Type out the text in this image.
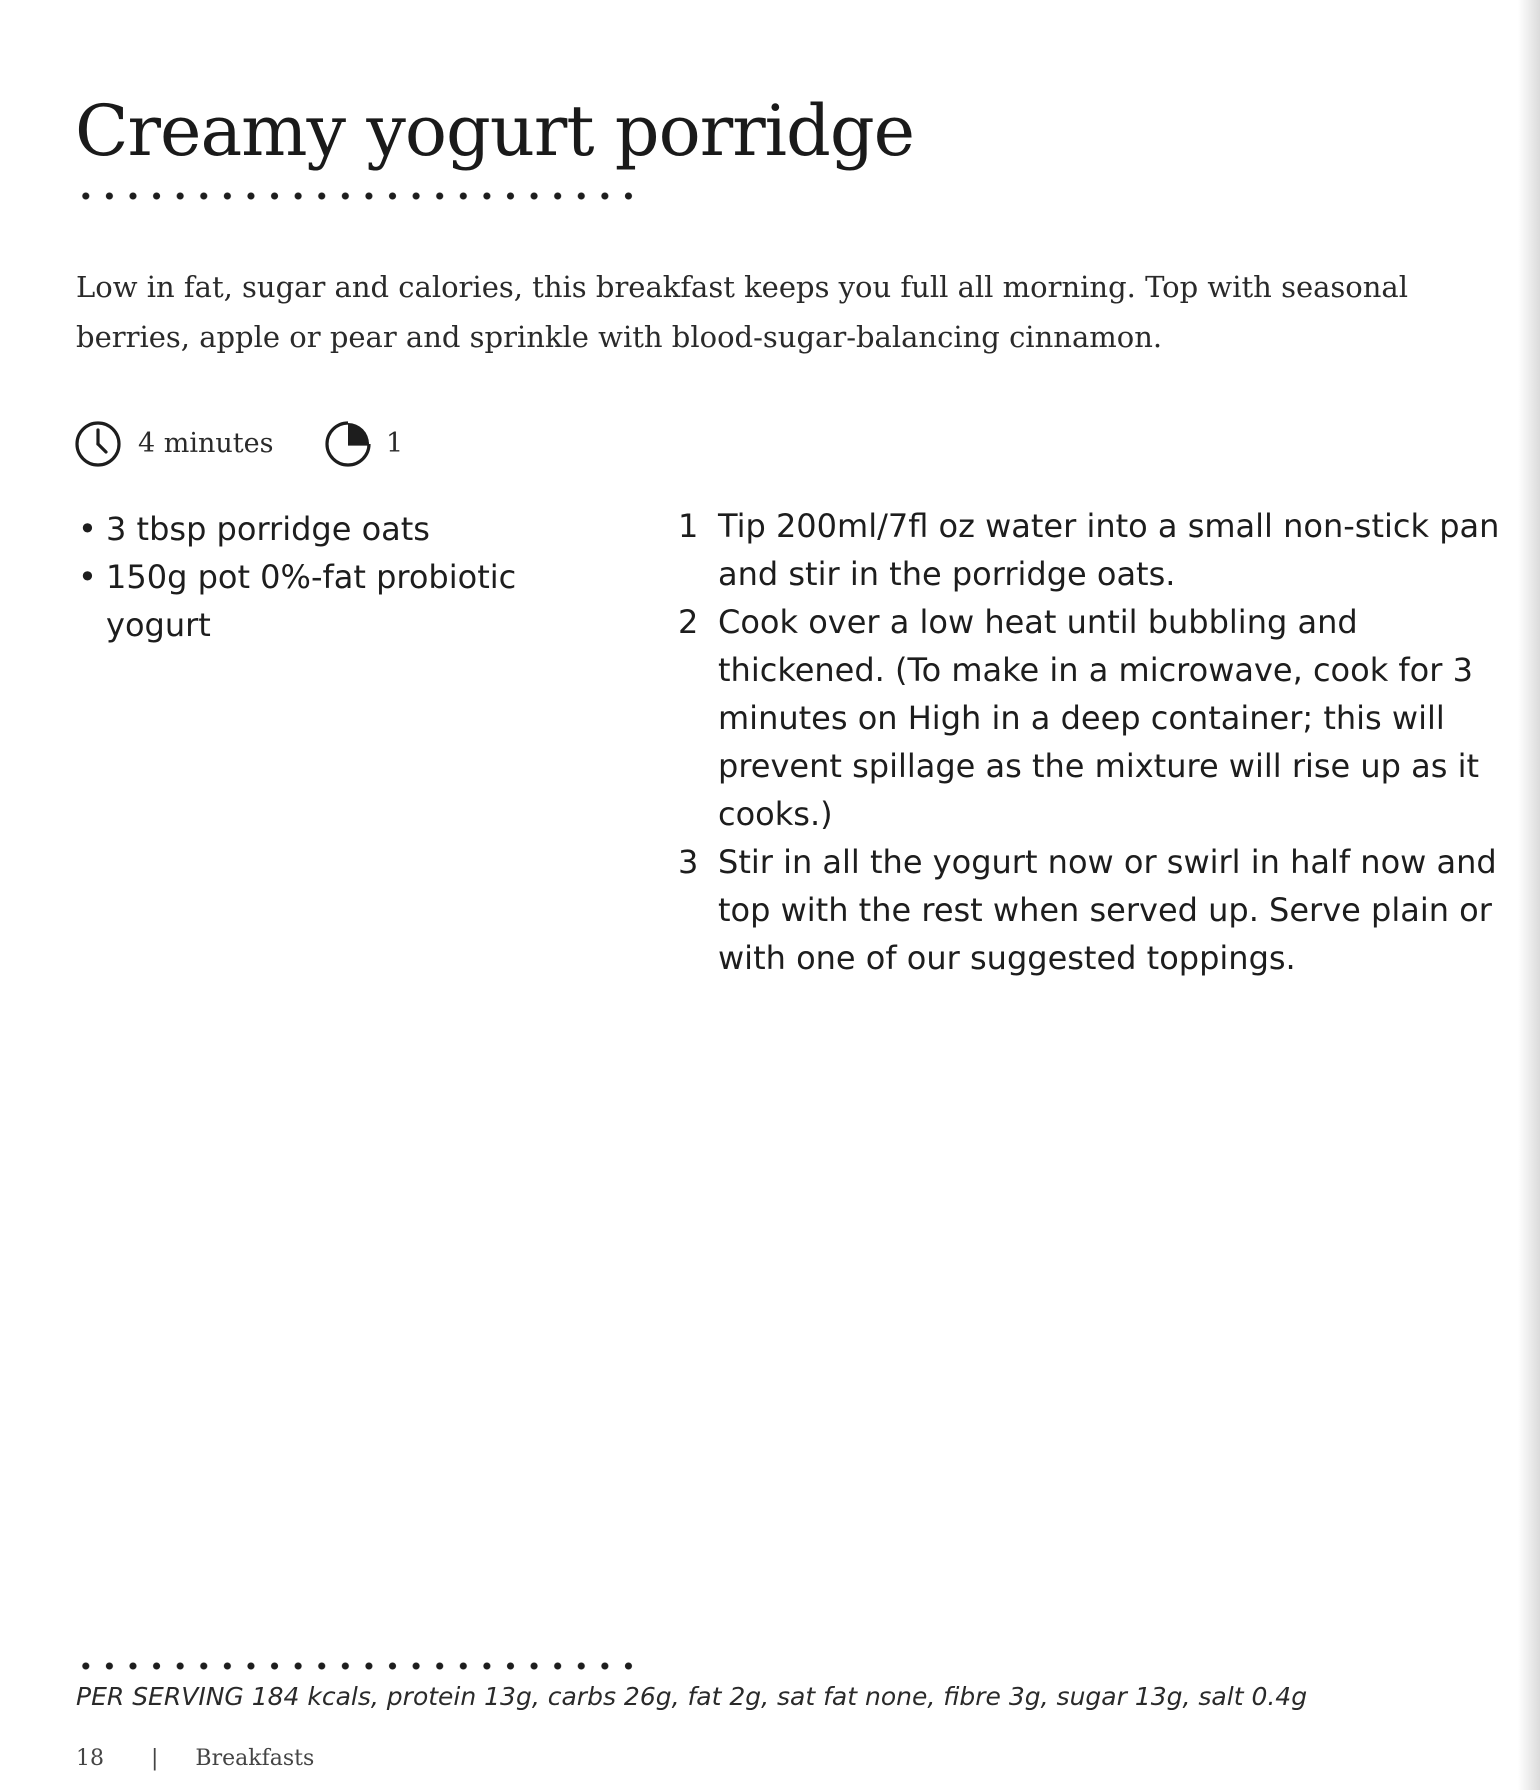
Creamy yogurt porridge

Low in fat, sugar and calories, this breakfast keeps you full all morning. Top with seasonal berries, apple or pear and sprinkle with blood-sugar-balancing cinnamon.

4 minutes	1
• 3 tbsp porridge oats
• 150g pot 0%-fat probiotic yogurt
1 Tip 200ml/7fl oz water into a small non-stick pan and stir in the porridge oats.
2 Cook over a low heat until bubbling and thickened. (To make in a microwave, cook for 3 minutes on High in a deep container; this will prevent spillage as the mixture will rise up as it cooks.)
3 Stir in all the yogurt now or swirl in half now and top with the rest when served up. Serve plain or with one of our suggested toppings.

PER SERVING 184 kcals, protein 13g, carbs 26g, fat 2g, sat fat none, fibre 3g, sugar 13g, salt 0.4g

18 | Breakfasts
